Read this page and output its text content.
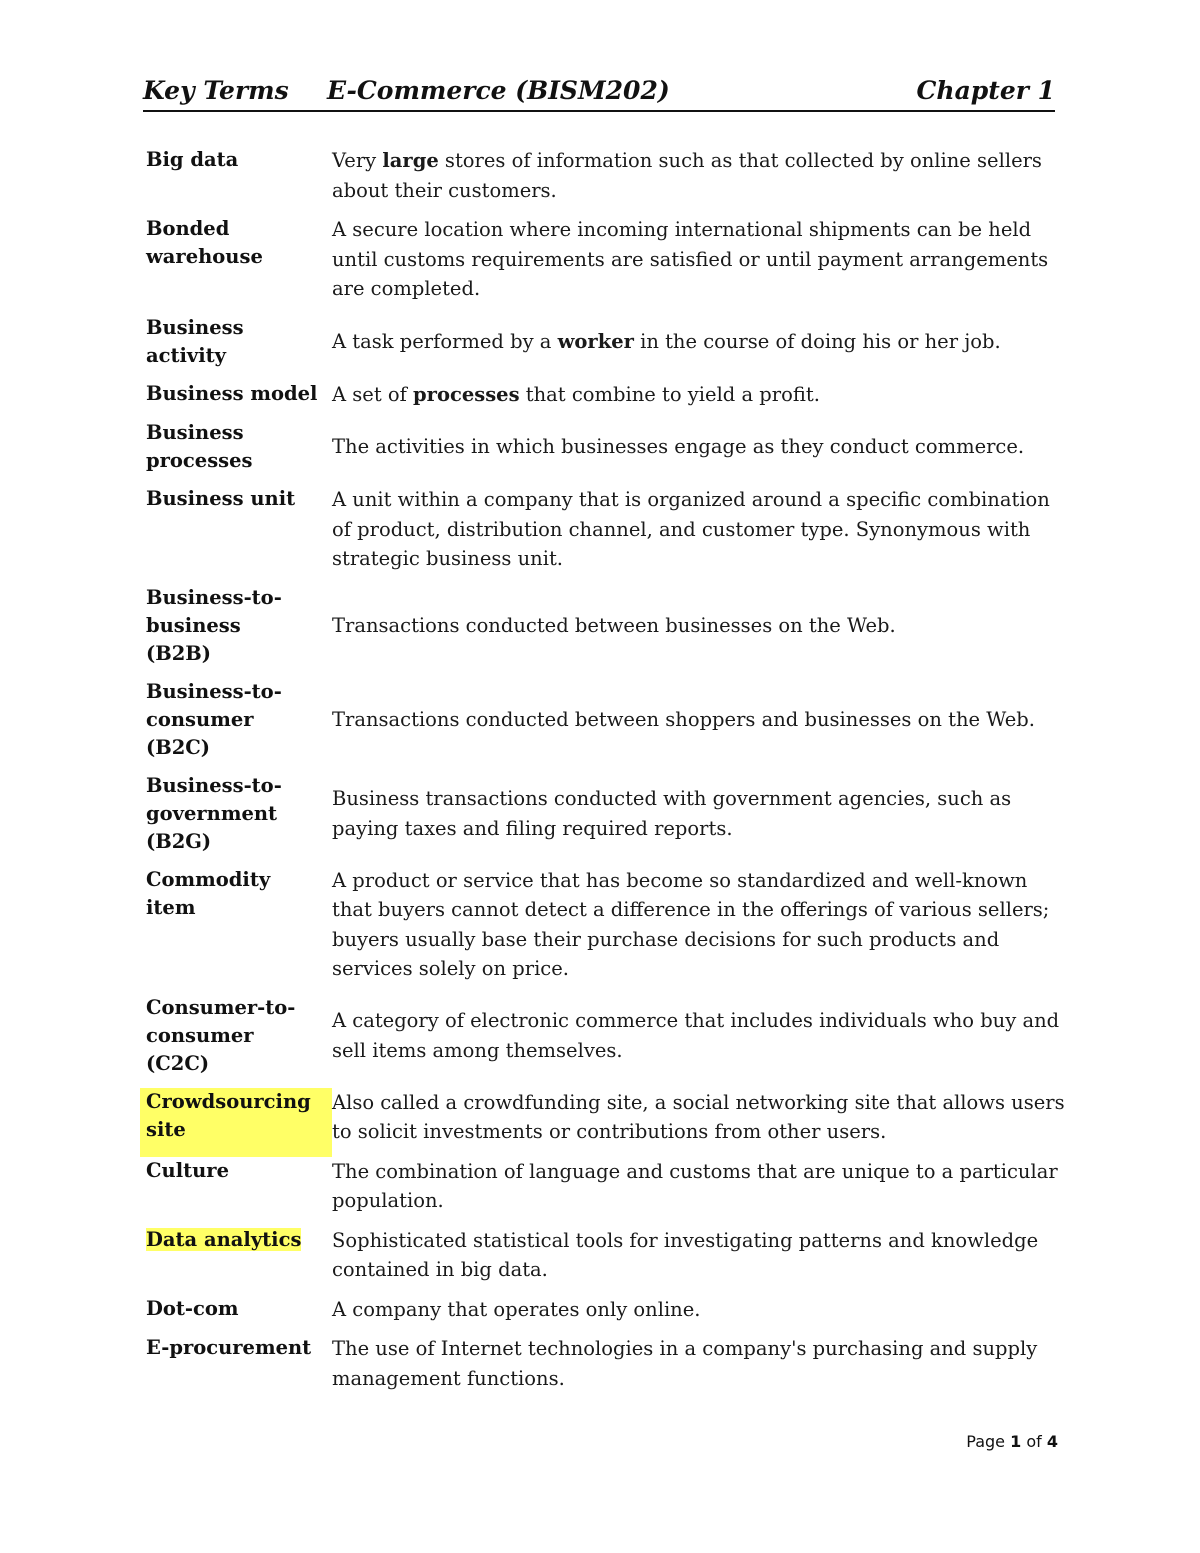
Key Terms E-Commerce (BISM202)	Chapter 1
Big data	Very large stores of information such as that collected by online sellers about their customers.
Bonded warehouse	A secure location where incoming international shipments can be held until customs requirements are satisfied or until payment arrangements are completed.
Business activity	A task performed by a worker in the course of doing his or her job.
Business model	A set of processes that combine to yield a profit.
Business processes	The activities in which businesses engage as they conduct commerce.
Business unit	A unit within a company that is organized around a specific combination of product, distribution channel, and customer type. Synonymous with strategic business unit.
Business-to-business (B2B)	Transactions conducted between businesses on the Web.
Business-to-consumer (B2C)	Transactions conducted between shoppers and businesses on the Web.
Business-to-government (B2G)	Business transactions conducted with government agencies, such as paying taxes and filing required reports.
Commodity item	A product or service that has become so standardized and well-known that buyers cannot detect a difference in the offerings of various sellers; buyers usually base their purchase decisions for such products and services solely on price.
Consumer-to-consumer (C2C)	A category of electronic commerce that includes individuals who buy and sell items among themselves.
Crowdsourcing site	Also called a crowdfunding site, a social networking site that allows users to solicit investments or contributions from other users.
Culture	The combination of language and customs that are unique to a particular population.
Data analytics	Sophisticated statistical tools for investigating patterns and knowledge contained in big data.
Dot-com	A company that operates only online.
E-procurement	The use of Internet technologies in a company's purchasing and supply management functions.
Page 1 of 4
